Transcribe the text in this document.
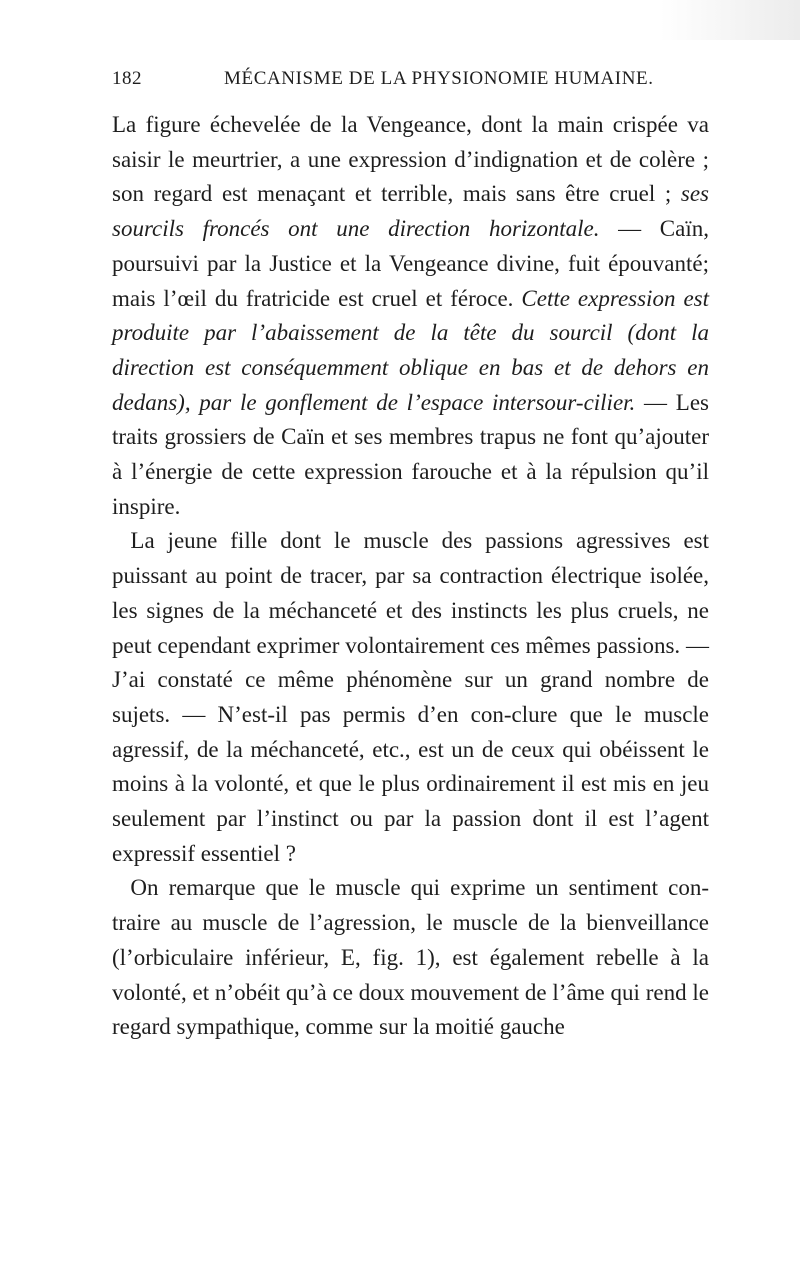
182	MÉCANISME DE LA PHYSIONOMIE HUMAINE.

La figure échevelée de la Vengeance, dont la main crispée va saisir le meurtrier, a une expression d’indignation et de colère ; son regard est menaçant et terrible, mais sans être cruel ; ses sourcils froncés ont une direction horizontale. — Caïn, poursuivi par la Justice et la Vengeance divine, fuit épouvanté; mais l’œil du fratricide est cruel et féroce. Cette expression est produite par l’abaissement de la tête du sourcil (dont la direction est conséquemment oblique en bas et de dehors en dedans), par le gonflement de l’espace intersour-cilier. — Les traits grossiers de Caïn et ses membres trapus ne font qu’ajouter à l’énergie de cette expression farouche et à la répulsion qu’il inspire.

La jeune fille dont le muscle des passions agressives est puissant au point de tracer, par sa contraction électrique isolée, les signes de la méchanceté et des instincts les plus cruels, ne peut cependant exprimer volontairement ces mêmes passions. — J’ai constaté ce même phénomène sur un grand nombre de sujets. — N’est-il pas permis d’en con-clure que le muscle agressif, de la méchanceté, etc., est un de ceux qui obéissent le moins à la volonté, et que le plus ordinairement il est mis en jeu seulement par l’instinct ou par la passion dont il est l’agent expressif essentiel ?

On remarque que le muscle qui exprime un sentiment con-traire au muscle de l’agression, le muscle de la bienveillance (l’orbiculaire inférieur, E, fig. 1), est également rebelle à la volonté, et n’obéit qu’à ce doux mouvement de l’âme qui rend le regard sympathique, comme sur la moitié gauche
